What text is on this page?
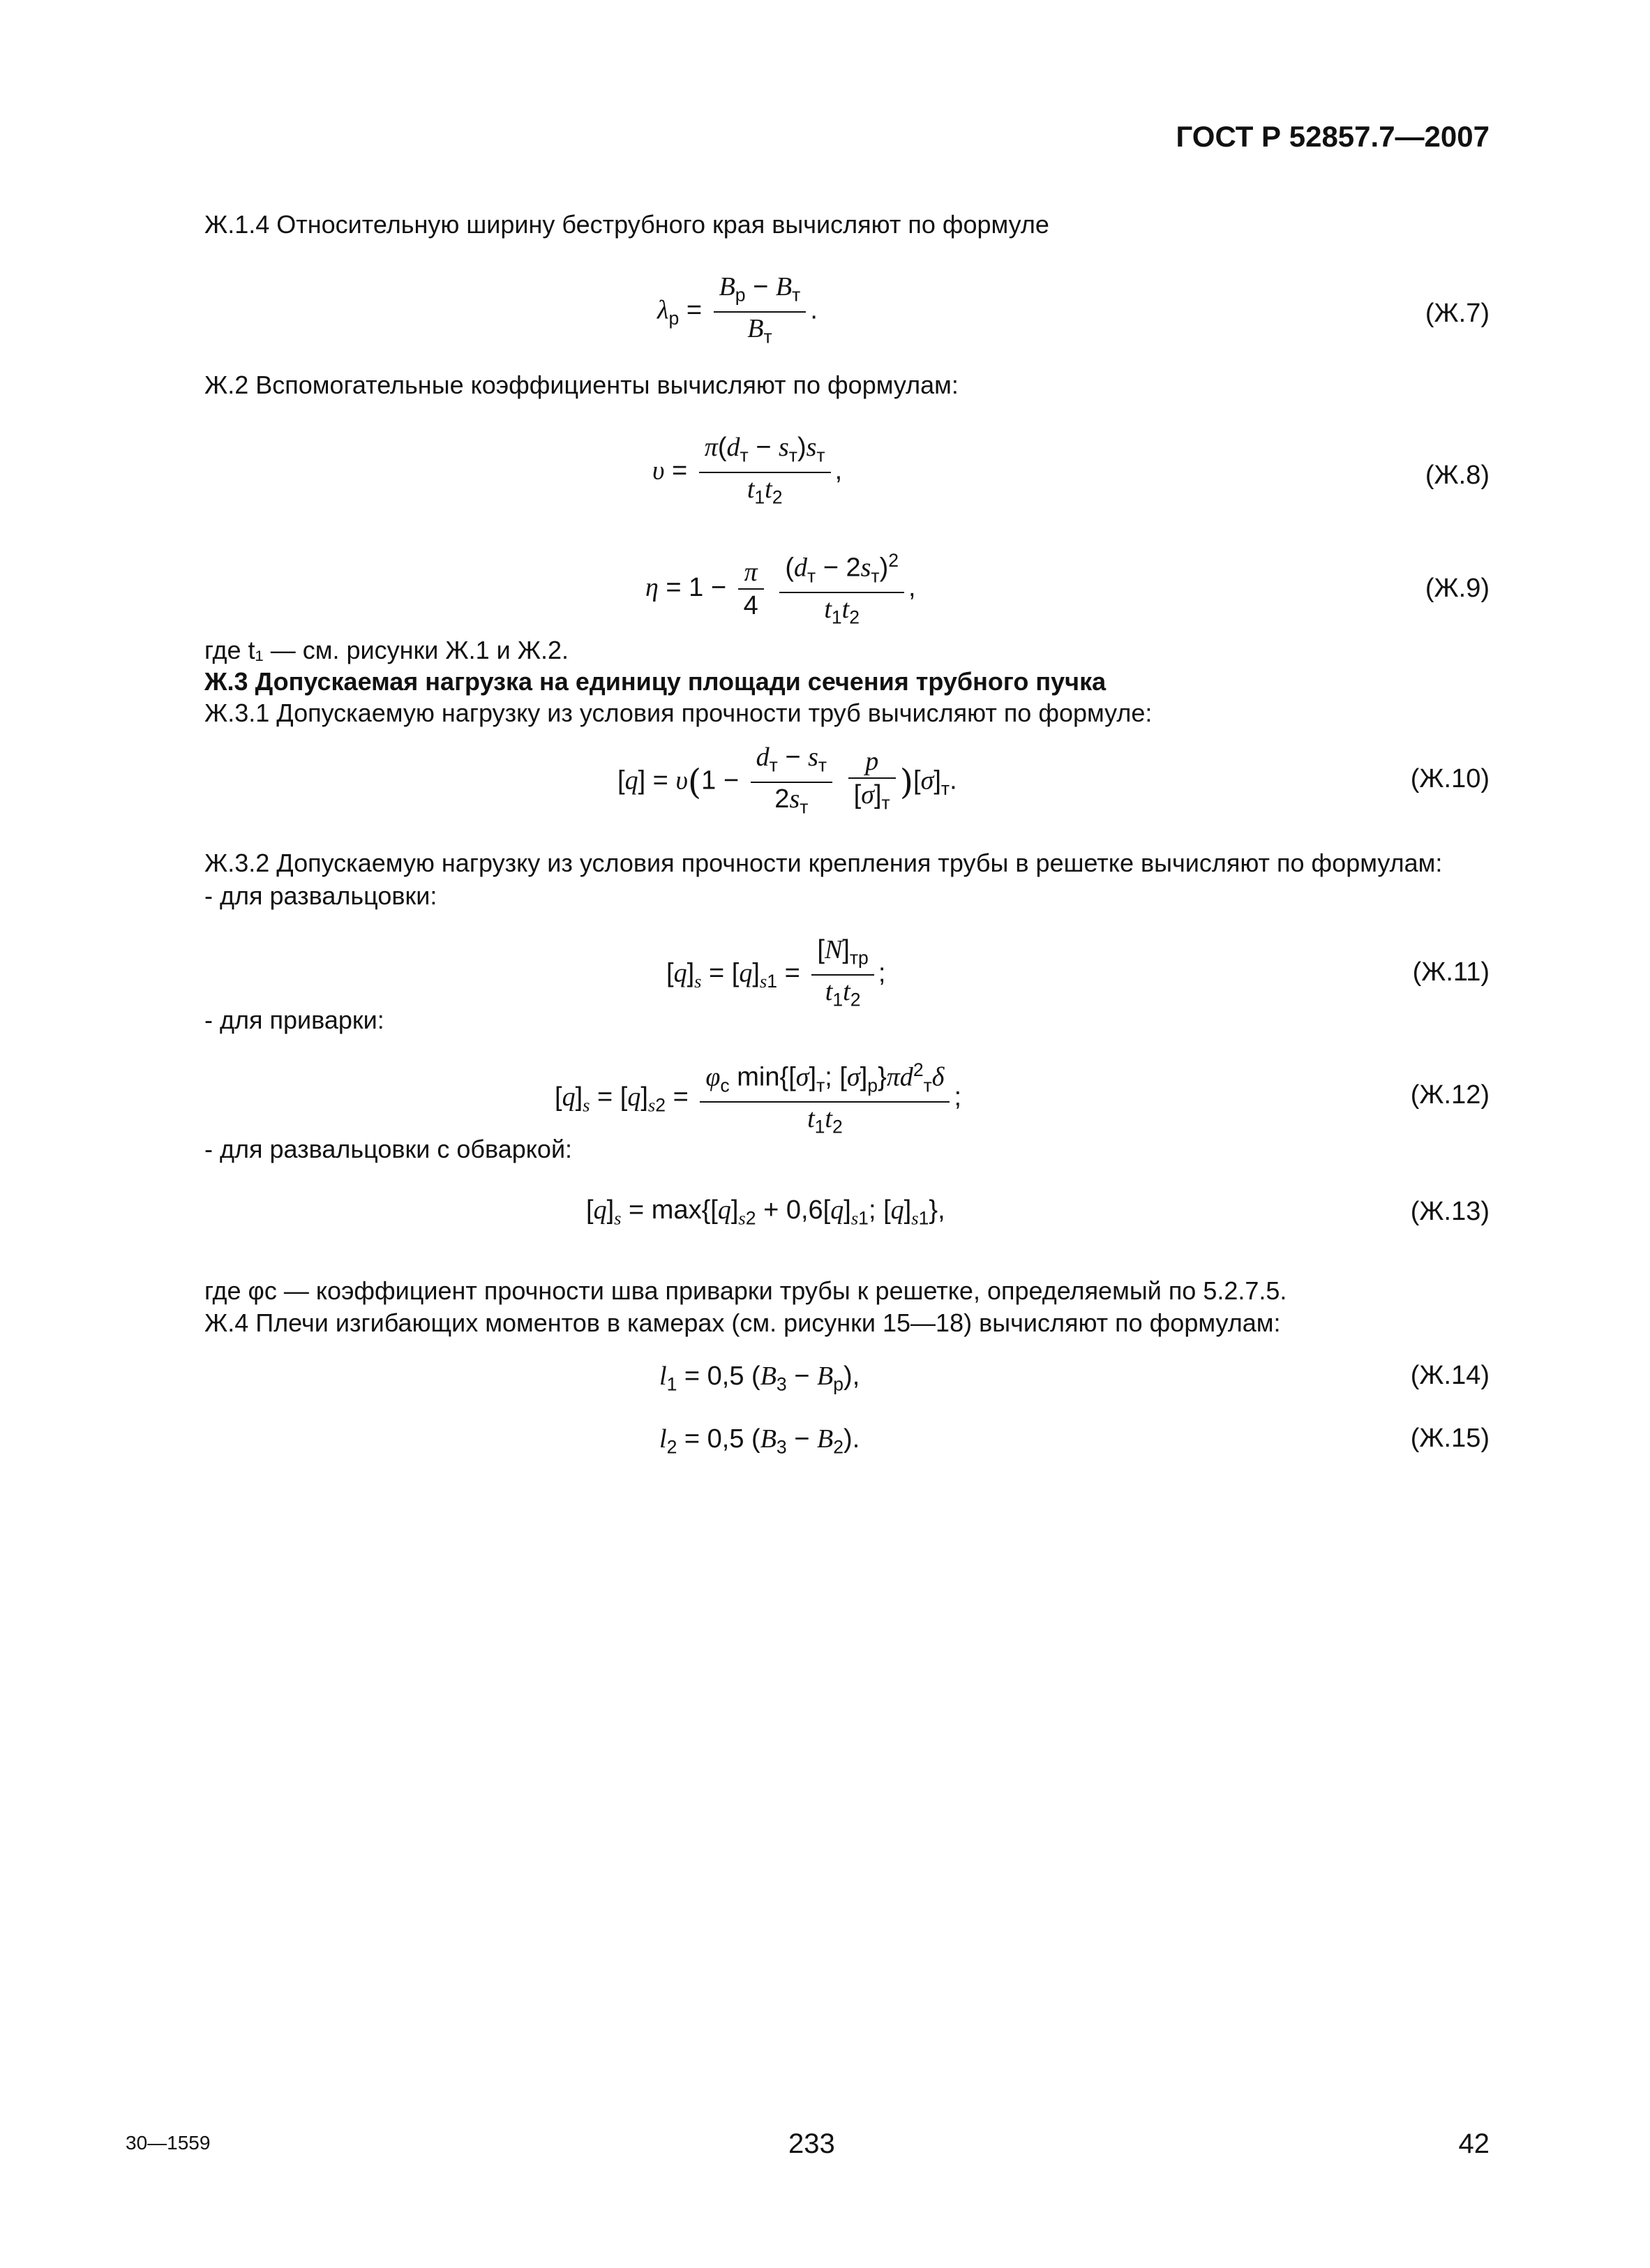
ГОСТ Р 52857.7—2007
Ж.1.4 Относительную ширину беструбного края вычисляют по формуле
$\lambda_р$ =
$B_р - B_т$
$B_т$
.	(Ж.7)
Ж.2 Вспомогательные коэффициенты вычисляют по формулам:
υ =
$\pi(d_т - s_т)s_т$
$t_1t_2$
,	(Ж.8)
$\eta = 1 - \frac{\pi}{4}$
$(d_т - 2s_т)^2$
$t_1t_2$
,	(Ж.9)
где t₁ — см. рисунки Ж.1 и Ж.2.
Ж.3 Допускаемая нагрузка на единицу площади сечения трубного пучка
Ж.3.1 Допускаемую нагрузку из условия прочности труб вычисляют по формуле:
[q] = υ(1 −
$d_т - s_т$
$2s_т$

p
$[\sigma]_т$
)$[\sigma]_т$.	(Ж.10)
Ж.3.2 Допускаемую нагрузку из условия прочности крепления трубы в решетке вычисляют по формулам:
- для развальцовки:
$[q]_s = [q]_{s1}$ =
$[N]_{тр}$
$t_1t_2$
;	(Ж.11)
- для приварки:
$[q]_s = [q]_{s2}$ =
$\varphi_с$ $\min\{[\sigma]_т$; $[\sigma]_р\}\pi d^2_т\delta$
$t_1t_2$
;	(Ж.12)
- для развальцовки с обваркой:
$[q]_s = \max\{[q]_{s2} + 0,6[q]_{s1}$; $[q]_{s1}$},	(Ж.13)
где φс — коэффициент прочности шва приварки трубы к решетке, определяемый по 5.2.7.5.
Ж.4 Плечи изгибающих моментов в камерах (см. рисунки 15—18) вычисляют по формулам:
$l_1 = 0,5$ $(B_3 - B_р)$,	(Ж.14)
$l_2 = 0,5$ $(B_3 - B_2)$.	(Ж.15)
30—1559	233	42
